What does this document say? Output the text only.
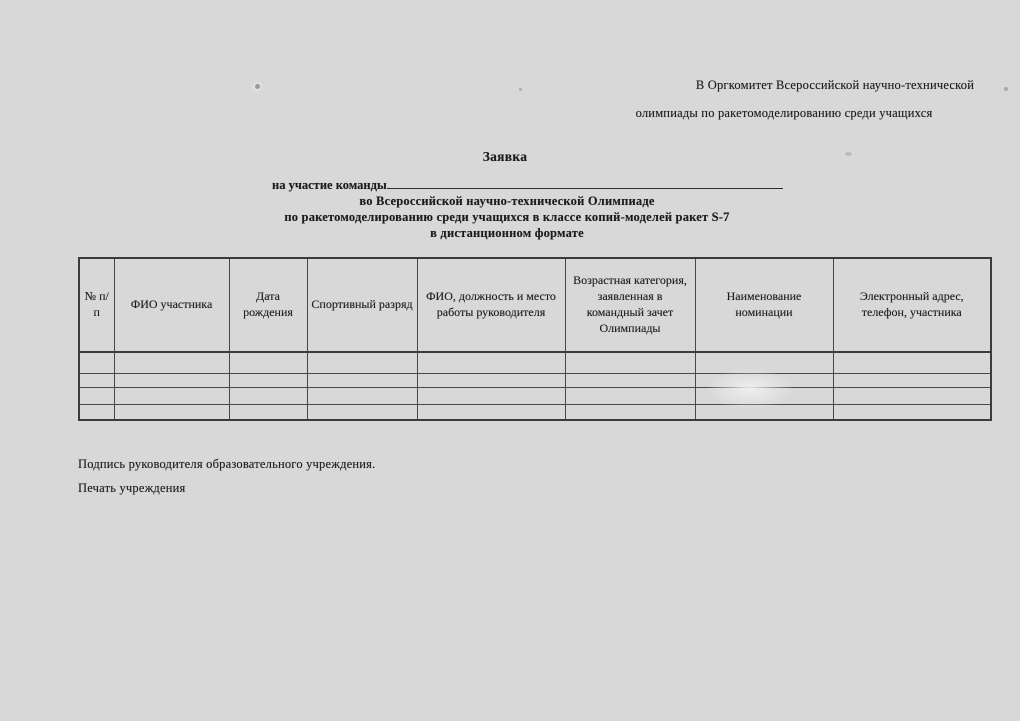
В Оргкомитет Всероссийской научно-технической
олимпиады по ракетомоделированию среди учащихся
Заявка
на участие команды
во Всероссийской научно-технической Олимпиаде
по ракетомоделированию среди учащихся в классе копий-моделей ракет S-7
в дистанционном формате
№ п/п	ФИО участника	Дата рождения	Спортивный разряд	ФИО, должность и место работы руководителя	Возрастная категория, заявленная в командный зачет Олимпиады	Наименование номинации	Электронный адрес, телефон, участника

Подпись руководителя образовательного учреждения.
Печать учреждения
